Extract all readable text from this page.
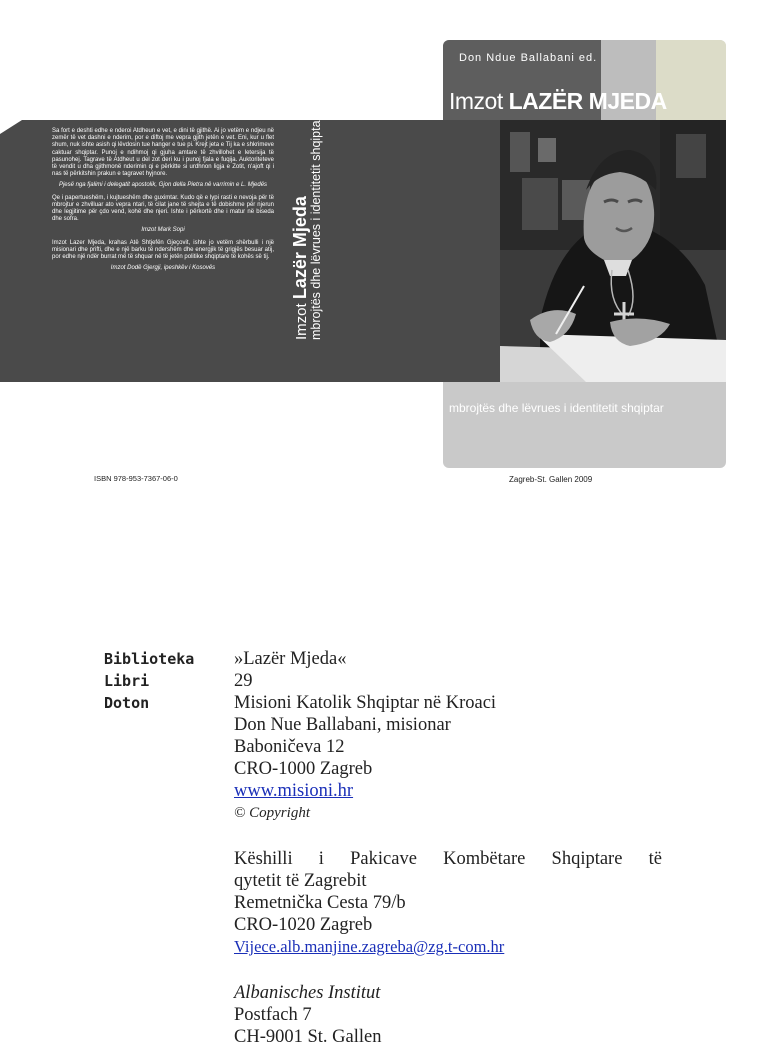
Don Ndue Ballabani ed.
Imzot LAZËR MJEDA

Sa fort e deshti edhe e nderoi Atdheun e vet, e dini të gjithë. Ai jo vetëm e ndjeu në zemër të vet dashni e nderim, por e diftoj me vepra gjith jetën e vet. Eni, kur u flet shum, nuk ishte asish qi lëvdosin tue hanger e tue pi. Krejt jeta e Tij ka e shkrimeve caktuar shqiptar. Punoj e ndihmoj qi gjuha amtare të zhvillohet e letersija të pasunohej. Tagrave të Atdheut u del zot deri ku i punoj fjala e fuqija. Auktoriteteve të vendit u dha gjithmonë nderimin qi e përkitte si urdhnon ligja e Zotit, n'ajoft qi i nas të përkitshin prakun e tagravet hyjnore.

Pjesë nga fjalimi i delegatit apostolik, Gjon della Pietra në varrimin e L. Mjedës

Qe i papertueshëm, i kujtueshëm dhe guximtar. Kudo që e lypi rasti e nevoja për të mbrojtur e zhvilluar ato vepra ntari, të cilat jane të shejta e të dobishme për njerun dhe legjitime për çdo vend, kohë dhe njeri. Ishte i përkortë dhe i matur në biseda dhe sofra.

Imzot Mark Sopi

Imzot Lazer Mjeda, krahas Atë Shtjefën Gjeçovit, ishte jo vetëm shërbulli i një misionari dhe prifti, dhe e një barku të ndershëm dhe energjik të grigjës besuar atij, por edhe një ndër burrat më të shquar në të jetën politike shqiptare të kohës së tij.

Imzot Dodë Gjergji, ipeshkëv i Kosovës

Imzot Lazër Mjeda mbrojtës dhe lëvrues i identitetit shqiptar
mbrojtës dhe lëvrues i identitetit shqiptar
ISBN 978-953-7367-06-0	Zagreb-St. Gallen 2009
Biblioteka
Libri
Doton
»Lazër Mjeda«
29
Misioni Katolik Shqiptar në Kroaci
Don Nue Ballabani, misionar
Baboničeva 12
CRO-1000 Zagreb
www.misioni.hr
© Copyright
Këshilli i Pakicave Kombëtare Shqiptare të
qytetit të Zagrebit
Remetnička Cesta 79/b
CRO-1020 Zagreb
Vijece.alb.manjine.zagreba@zg.t-com.hr
Albanisches Institut
Postfach 7
CH-9001 St. Gallen
